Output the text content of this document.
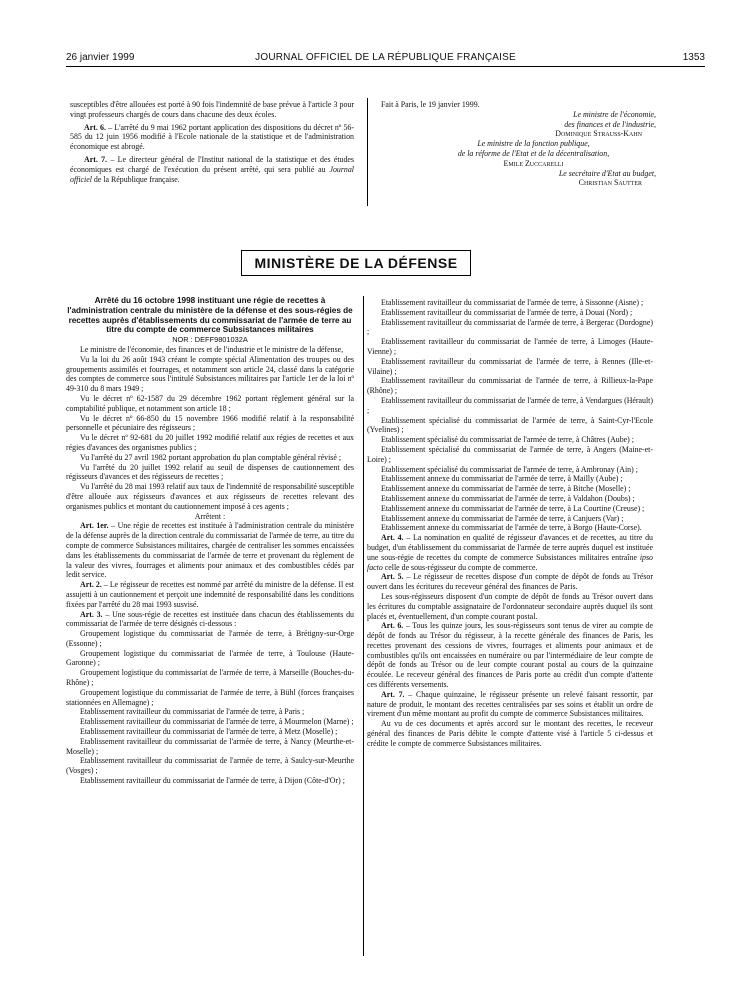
26 janvier 1999	JOURNAL OFFICIEL DE LA RÉPUBLIQUE FRANÇAISE	1353

susceptibles d'être allouées est porté à 90 fois l'indemnité de base prévue à l'article 3 pour vingt professeurs chargés de cours dans chacune des deux écoles.

Art. 6. – L'arrêté du 9 mai 1962 portant application des dispositions du décret nº 56-585 du 12 juin 1956 modifié à l'Ecole nationale de la statistique et de l'administration économique est abrogé.

Art. 7. – Le directeur général de l'Institut national de la statistique et des études économiques est chargé de l'exécution du présent arrêté, qui sera publié au Journal officiel de la République française.

Fait à Paris, le 19 janvier 1999.

Le ministre de l'économie,

des finances et de l'industrie,

Dominique Strauss-Kahn

Le ministre de la fonction publique,

de la réforme de l'Etat et de la décentralisation,

Emile Zuccarelli

Le secrétaire d'Etat au budget,

Christian Sautter

MINISTÈRE DE LA DÉFENSE

Arrêté du 16 octobre 1998 instituant une régie de recettes à l'administration centrale du ministère de la défense et des sous-régies de recettes auprès d'établissements du commissariat de l'armée de terre au titre du compte de commerce Subsistances militaires

NOR : DEFF9801032A

Le ministre de l'économie, des finances et de l'industrie et le ministre de la défense,

Vu la loi du 26 août 1943 créant le compte spécial Alimentation des troupes ou des groupements assimilés et fourrages, et notamment son article 24, classé dans la catégorie des comptes de commerce sous l'intitulé Subsistances militaires par l'article 1er de la loi nº 49-310 du 8 mars 1949 ;

Vu le décret nº 62-1587 du 29 décembre 1962 portant règlement général sur la comptabilité publique, et notamment son article 18 ;

Vu le décret nº 66-850 du 15 novembre 1966 modifié relatif à la responsabilité personnelle et pécuniaire des régisseurs ;

Vu le décret nº 92-681 du 20 juillet 1992 modifié relatif aux régies de recettes et aux régies d'avances des organismes publics ;

Vu l'arrêté du 27 avril 1982 portant approbation du plan comptable général révisé ;

Vu l'arrêté du 20 juillet 1992 relatif au seuil de dispenses de cautionnement des régisseurs d'avances et des régisseurs de recettes ;

Vu l'arrêté du 28 mai 1993 relatif aux taux de l'indemnité de responsabilité susceptible d'être allouée aux régisseurs d'avances et aux régisseurs de recettes relevant des organismes publics et montant du cautionnement imposé à ces agents ;

Arrêtent :

Art. 1er. – Une régie de recettes est instituée à l'administration centrale du ministère de la défense auprès de la direction centrale du commissariat de l'armée de terre, au titre du compte de commerce Subsistances militaires, chargée de centraliser les sommes encaissées dans les établissements du commissariat de l'armée de terre et provenant du règlement de la valeur des vivres, fourrages et aliments pour animaux et des combustibles cédés par ledit service.

Art. 2. – Le régisseur de recettes est nommé par arrêté du ministre de la défense. Il est assujetti à un cautionnement et perçoit une indemnité de responsabilité dans les conditions fixées par l'arrêté du 28 mai 1993 susvisé.

Art. 3. – Une sous-régie de recettes est instituée dans chacun des établissements du commissariat de l'armée de terre désignés ci-dessous :

Groupement logistique du commissariat de l'armée de terre, à Brétigny-sur-Orge (Essonne) ;

Groupement logistique du commissariat de l'armée de terre, à Toulouse (Haute-Garonne) ;

Groupement logistique du commissariat de l'armée de terre, à Marseille (Bouches-du-Rhône) ;

Groupement logistique du commissariat de l'armée de terre, à Bühl (forces françaises stationnées en Allemagne) ;

Etablissement ravitailleur du commissariat de l'armée de terre, à Paris ;

Etablissement ravitailleur du commissariat de l'armée de terre, à Mourmelon (Marne) ;

Etablissement ravitailleur du commissariat de l'armée de terre, à Metz (Moselle) ;

Etablissement ravitailleur du commissariat de l'armée de terre, à Nancy (Meurthe-et-Moselle) ;

Etablissement ravitailleur du commissariat de l'armée de terre, à Saulcy-sur-Meurthe (Vosges) ;

Etablissement ravitailleur du commissariat de l'armée de terre, à Dijon (Côte-d'Or) ;

Etablissement ravitailleur du commissariat de l'armée de terre, à Sissonne (Aisne) ;

Etablissement ravitailleur du commissariat de l'armée de terre, à Douai (Nord) ;

Etablissement ravitailleur du commissariat de l'armée de terre, à Bergerac (Dordogne) ;

Etablissement ravitailleur du commissariat de l'armée de terre, à Limoges (Haute-Vienne) ;

Etablissement ravitailleur du commissariat de l'armée de terre, à Rennes (Ille-et-Vilaine) ;

Etablissement ravitailleur du commissariat de l'armée de terre, à Rillieux-la-Pape (Rhône) ;

Etablissement ravitailleur du commissariat de l'armée de terre, à Vendargues (Hérault) ;

Etablissement spécialisé du commissariat de l'armée de terre, à Saint-Cyr-l'Ecole (Yvelines) ;

Etablissement spécialisé du commissariat de l'armée de terre, à Châtres (Aube) ;

Etablissement spécialisé du commissariat de l'armée de terre, à Angers (Maine-et-Loire) ;

Etablissement spécialisé du commissariat de l'armée de terre, à Ambronay (Ain) ;

Etablissement annexe du commissariat de l'armée de terre, à Mailly (Aube) ;

Etablissement annexe du commissariat de l'armée de terre, à Bitche (Moselle) ;

Etablissement annexe du commissariat de l'armée de terre, à Valdahon (Doubs) ;

Etablissement annexe du commissariat de l'armée de terre, à La Courtine (Creuse) ;

Etablissement annexe du commissariat de l'armée de terre, à Canjuers (Var) ;

Etablissement annexe du commissariat de l'armée de terre, à Borgo (Haute-Corse).

Art. 4. – La nomination en qualité de régisseur d'avances et de recettes, au titre du budget, d'un établissement du commissariat de l'armée de terre auprès duquel est instituée une sous-régie de recettes du compte de commerce Subsistances militaires entraîne ipso facto celle de sous-régisseur du compte de commerce.

Art. 5. – Le régisseur de recettes dispose d'un compte de dépôt de fonds au Trésor ouvert dans les écritures du receveur général des finances de Paris.

Les sous-régisseurs disposent d'un compte de dépôt de fonds au Trésor ouvert dans les écritures du comptable assignataire de l'ordonnateur secondaire auprès duquel ils sont placés et, éventuellement, d'un compte courant postal.

Art. 6. – Tous les quinze jours, les sous-régisseurs sont tenus de virer au compte de dépôt de fonds au Trésor du régisseur, à la recette générale des finances de Paris, les recettes provenant des cessions de vivres, fourrages et aliments pour animaux et de combustibles qu'ils ont encaissées en numéraire ou par l'intermédiaire de leur compte de dépôt de fonds au Trésor ou de leur compte courant postal au cours de la quinzaine écoulée. Le receveur général des finances de Paris porte au crédit d'un compte d'attente ces différents versements.

Art. 7. – Chaque quinzaine, le régisseur présente un relevé faisant ressortir, par nature de produit, le montant des recettes centralisées par ses soins et établit un ordre de virement d'un même montant au profit du compte de commerce Subsistances militaires.

Au vu de ces documents et après accord sur le montant des recettes, le receveur général des finances de Paris débite le compte d'attente visé à l'article 5 ci-dessus et crédite le compte de commerce Subsistances militaires.
